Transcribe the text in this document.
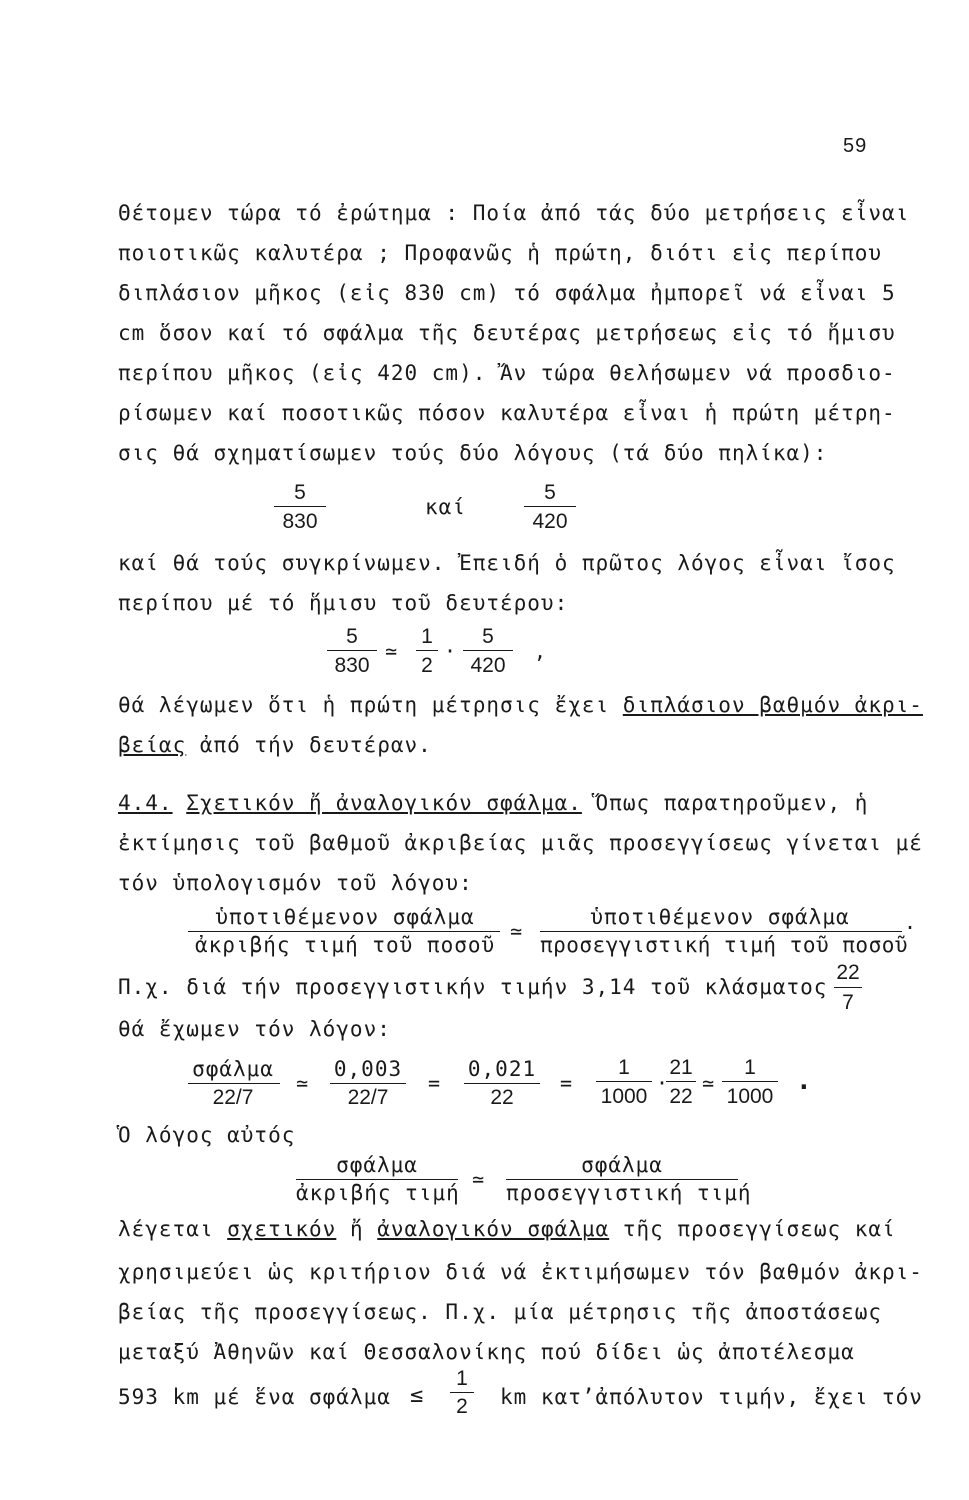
59
Θέτομεν τώρα τό ἐρώτημα : Ποία ἀπό τάς δύο μετρήσεις εἶναι
ποιοτικῶς καλυτέρα ; Προφανῶς ἡ πρώτη, διότι εἰς περίπου
διπλάσιον μῆκος (εἰς 830 cm) τό σφάλμα ἠμπορεῖ νά εἶναι 5
cm ὅσον καί τό σφάλμα τῆς δευτέρας μετρήσεως εἰς τό ἥμισυ
περίπου μῆκος (εἰς 420 cm). Ἄν τώρα θελήσωμεν νά προσδιο-
ρίσωμεν καί ποσοτικῶς πόσον καλυτέρα εἶναι ἡ πρώτη μέτρη-
σις θά σχηματίσωμεν τούς δύο λόγους (τά δύο πηλίκα):
5
830
καί
5
420
καί θά τούς συγκρίνωμεν. Ἐπειδή ὁ πρῶτος λόγος εἶναι ἴσος
περίπου μέ τό ἥμισυ τοῦ δευτέρου:
5
830
≃
1
2
·
5
420
,
θά λέγωμεν ὅτι ἡ πρώτη μέτρησις ἔχει διπλάσιον βαθμόν ἀκρι-
βείας ἀπό τήν δευτέραν.
4.4. Σχετικόν ἤ ἀναλογικόν σφάλμα. Ὅπως παρατηροῦμεν, ἡ
ἐκτίμησις τοῦ βαθμοῦ ἀκριβείας μιᾶς προσεγγίσεως γίνεται μέ
τόν ὑπολογισμόν τοῦ λόγου:
ὑποτιθέμενον σφάλμα
ἀκριβής τιμή τοῦ ποσοῦ
≃
ὑποτιθέμενον σφάλμα
προσεγγιστική τιμή τοῦ ποσοῦ
.
Π.χ. διά τήν προσεγγιστικήν τιμήν 3,14 τοῦ κλάσματος
22
7
θά ἔχωμεν τόν λόγον:
σφάλμα
22/7
≃
0,003
22/7
=
0,021
22
=
1
1000
·
21
22
≃
1
1000
.
Ὁ λόγος αὐτός
σφάλμα
ἀκριβής τιμή
≃
σφάλμα
προσεγγιστική τιμή
λέγεται σχετικόν ἤ ἀναλογικόν σφάλμα τῆς προσεγγίσεως καί
χρησιμεύει ὡς κριτήριον διά νά ἐκτιμήσωμεν τόν βαθμόν ἀκρι-
βείας τῆς προσεγγίσεως. Π.χ. μία μέτρησις τῆς ἀποστάσεως
μεταξύ Ἀθηνῶν καί Θεσσαλονίκης πού δίδει ὡς ἀποτέλεσμα
593 km μέ ἕνα σφάλμα ≤
1
2	km κατ’ἀπόλυτον τιμήν, ἔχει τόν
